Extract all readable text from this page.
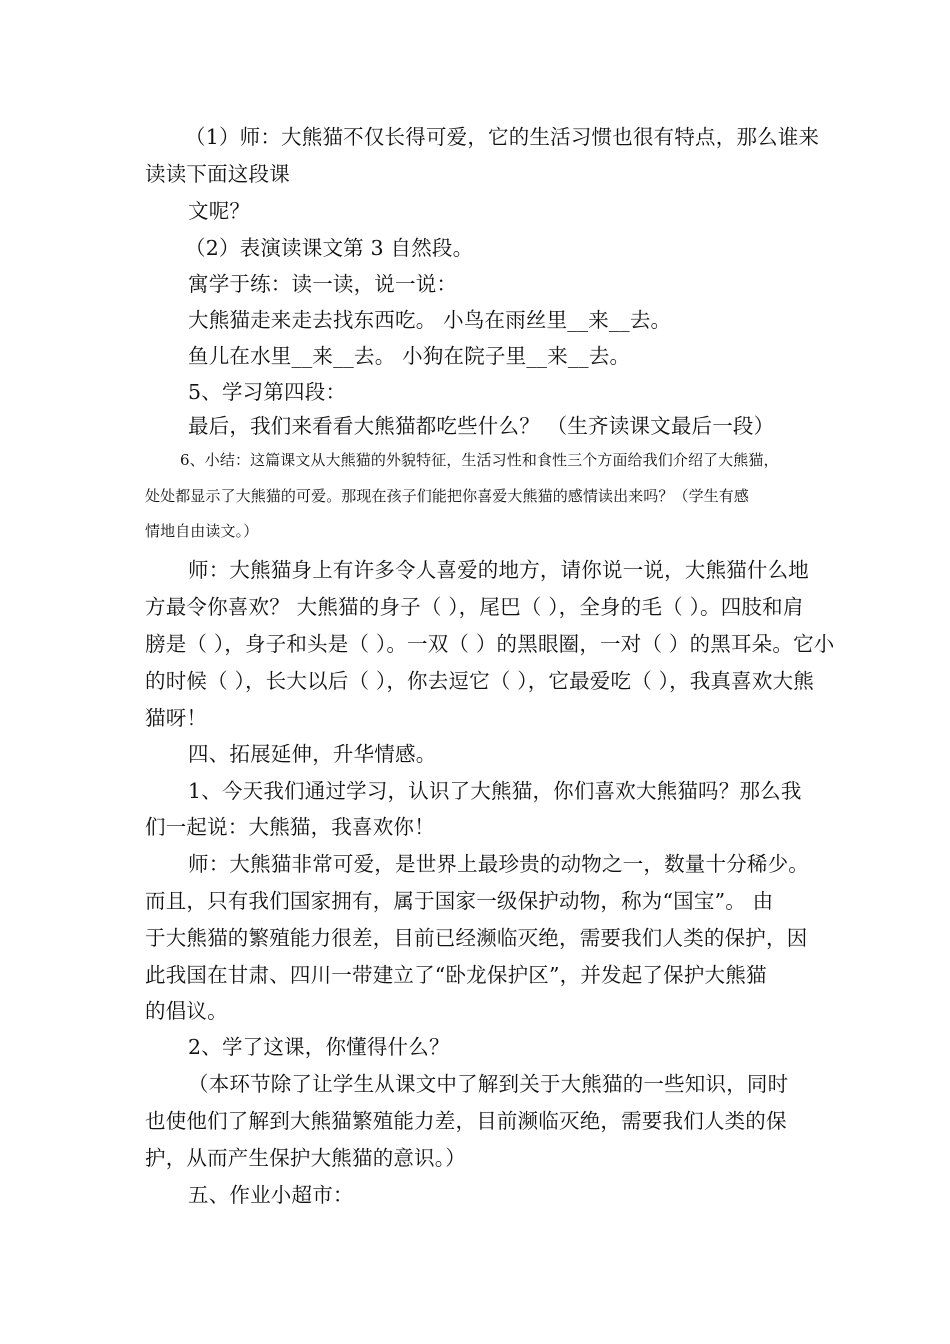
（1）师：大熊猫不仅长得可爱，它的生活习惯也很有特点，那么谁来
读读下面这段课
文呢？
（2）表演读课文第 3 自然段。
寓学于练：读一读，说一说：
大熊猫走来走去找东西吃。 小鸟在雨丝里__来__去。
鱼儿在水里__来__去。 小狗在院子里__来__去。
5、学习第四段：
最后，我们来看看大熊猫都吃些什么？ （生齐读课文最后一段）
6、小结：这篇课文从大熊猫的外貌特征，生活习性和食性三个方面给我们介绍了大熊猫，
处处都显示了大熊猫的可爱。那现在孩子们能把你喜爱大熊猫的感情读出来吗？（学生有感
情地自由读文。）
师：大熊猫身上有许多令人喜爱的地方，请你说一说，大熊猫什么地
方最令你喜欢？ 大熊猫的身子（ ），尾巴（ ），全身的毛（ ）。四肢和肩
膀是（ ），身子和头是（ ）。一双（ ）的黑眼圈，一对（ ）的黑耳朵。它小
的时候（ ），长大以后（ ），你去逗它（ ），它最爱吃（ ），我真喜欢大熊
猫呀！
四、拓展延伸，升华情感。
1、今天我们通过学习，认识了大熊猫，你们喜欢大熊猫吗？那么我
们一起说：大熊猫，我喜欢你！
师：大熊猫非常可爱，是世界上最珍贵的动物之一，数量十分稀少。
而且，只有我们国家拥有，属于国家一级保护动物，称为“国宝”。 由
于大熊猫的繁殖能力很差，目前已经濒临灭绝，需要我们人类的保护，因
此我国在甘肃、四川一带建立了“卧龙保护区”，并发起了保护大熊猫
的倡议。
2、学了这课，你懂得什么？
（本环节除了让学生从课文中了解到关于大熊猫的一些知识，同时
也使他们了解到大熊猫繁殖能力差，目前濒临灭绝，需要我们人类的保
护，从而产生保护大熊猫的意识。）
五、作业小超市：
